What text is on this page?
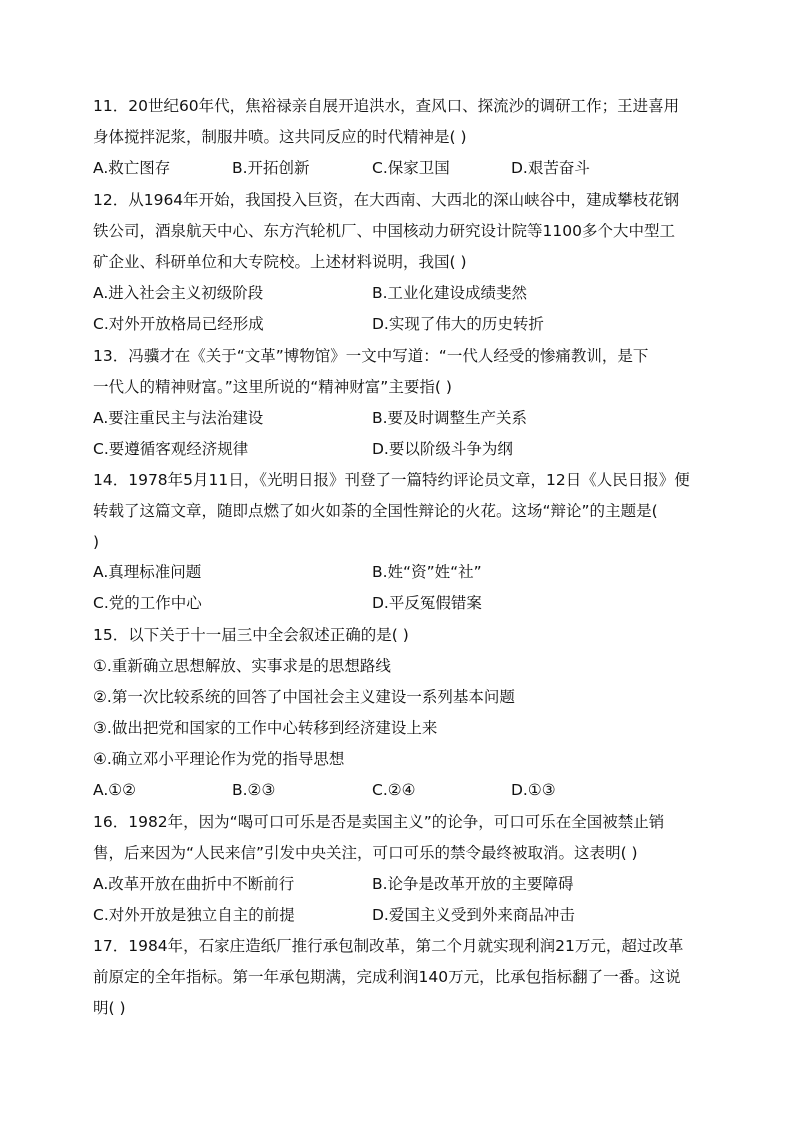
11．20世纪60年代，焦裕禄亲自展开追洪水，查风口、探流沙的调研工作；王进喜用
身体搅拌泥浆，制服井喷。这共同反应的时代精神是( )
A.救亡图存	B.开拓创新	C.保家卫国	D.艰苦奋斗
12．从1964年开始，我国投入巨资，在大西南、大西北的深山峡谷中，建成攀枝花钢
铁公司，酒泉航天中心、东方汽轮机厂、中国核动力研究设计院等1100多个大中型工
矿企业、科研单位和大专院校。上述材料说明，我国( )
A.进入社会主义初级阶段	B.工业化建设成绩斐然
C.对外开放格局已经形成	D.实现了伟大的历史转折
13．冯骥才在《关于“文革”博物馆》一文中写道：“一代人经受的惨痛教训，是下
一代人的精神财富。”这里所说的“精神财富”主要指( )
A.要注重民主与法治建设	B.要及时调整生产关系
C.要遵循客观经济规律	D.要以阶级斗争为纲
14．1978年5月11日，《光明日报》刊登了一篇特约评论员文章，12日《人民日报》便
转载了这篇文章，随即点燃了如火如荼的全国性辩论的火花。这场“辩论”的主题是(
)
A.真理标准问题	B.姓“资”姓“社”
C.党的工作中心	D.平反冤假错案
15．以下关于十一届三中全会叙述正确的是( )
①.重新确立思想解放、实事求是的思想路线
②.第一次比较系统的回答了中国社会主义建设一系列基本问题
③.做出把党和国家的工作中心转移到经济建设上来
④.确立邓小平理论作为党的指导思想
A.①②	B.②③	C.②④	D.①③
16．1982年，因为“喝可口可乐是否是卖国主义”的论争，可口可乐在全国被禁止销
售，后来因为“人民来信”引发中央关注，可口可乐的禁令最终被取消。这表明( )
A.改革开放在曲折中不断前行	B.论争是改革开放的主要障碍
C.对外开放是独立自主的前提	D.爱国主义受到外来商品冲击
17．1984年，石家庄造纸厂推行承包制改革，第二个月就实现利润21万元，超过改革
前原定的全年指标。第一年承包期满，完成利润140万元，比承包指标翻了一番。这说
明( )
